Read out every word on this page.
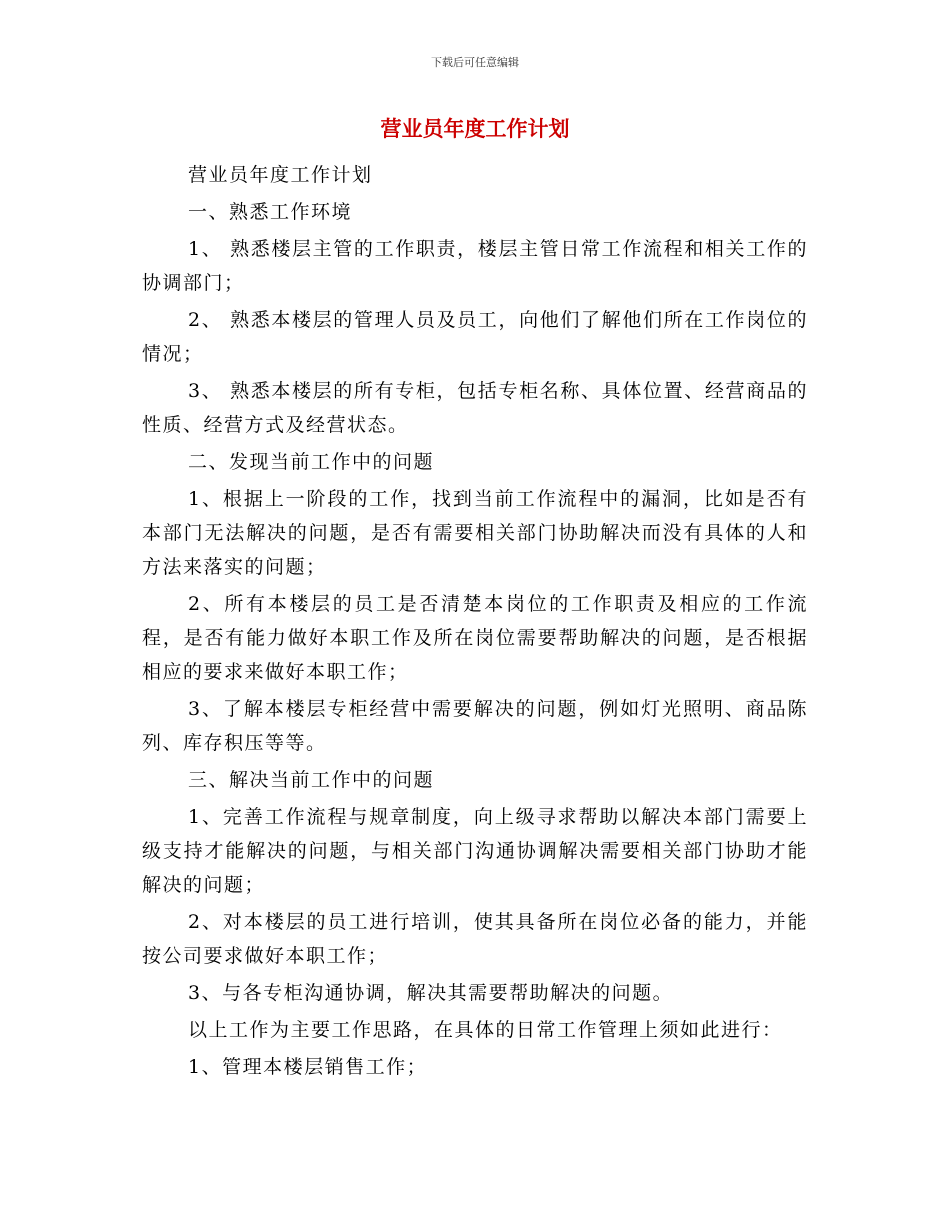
下载后可任意编辑
营业员年度工作计划

营业员年度工作计划

一、熟悉工作环境

1、 熟悉楼层主管的工作职责，楼层主管日常工作流程和相关工作的协调部门；

2、 熟悉本楼层的管理人员及员工，向他们了解他们所在工作岗位的情况；

3、 熟悉本楼层的所有专柜，包括专柜名称、具体位置、经营商品的性质、经营方式及经营状态。

二、发现当前工作中的问题

1、根据上一阶段的工作，找到当前工作流程中的漏洞，比如是否有本部门无法解决的问题，是否有需要相关部门协助解决而没有具体的人和方法来落实的问题；

2、所有本楼层的员工是否清楚本岗位的工作职责及相应的工作流程，是否有能力做好本职工作及所在岗位需要帮助解决的问题，是否根据相应的要求来做好本职工作；

3、了解本楼层专柜经营中需要解决的问题，例如灯光照明、商品陈列、库存积压等等。

三、解决当前工作中的问题

1、完善工作流程与规章制度，向上级寻求帮助以解决本部门需要上级支持才能解决的问题，与相关部门沟通协调解决需要相关部门协助才能解决的问题；

2、对本楼层的员工进行培训，使其具备所在岗位必备的能力，并能按公司要求做好本职工作；

3、与各专柜沟通协调，解决其需要帮助解决的问题。

以上工作为主要工作思路，在具体的日常工作管理上须如此进行：

1、管理本楼层销售工作；
